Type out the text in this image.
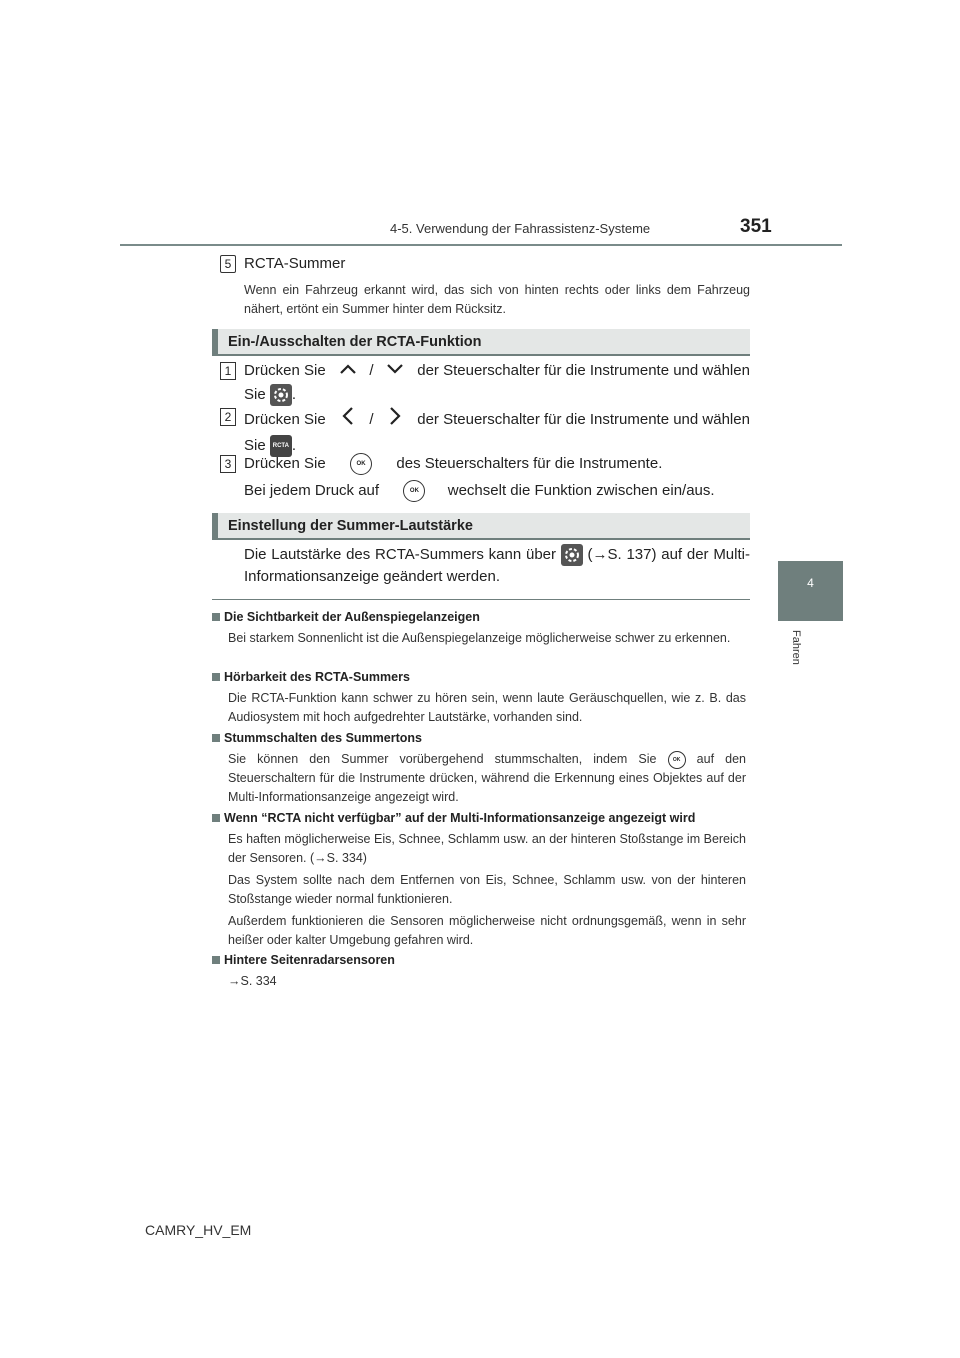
4-5. Verwendung der Fahrassistenz-Systeme	351
4
Fahren
5 RCTA-Summer
Wenn ein Fahrzeug erkannt wird, das sich von hinten rechts oder links dem Fahrzeug nähert, ertönt ein Summer hinter dem Rücksitz.
Ein-/Ausschalten der RCTA-Funktion
1 Drücken Sie	/	der Steuerschalter für die Instrumente und wählen
Sie .
2 Drücken Sie	/	der Steuerschalter für die Instrumente und wählen
Sie RCTA .
3 Drücken Sie	OK des Steuerschalters für die Instrumente.
Bei jedem Druck auf	OK wechselt die Funktion zwischen ein/aus.
Einstellung der Summer-Lautstärke
Die Lautstärke des RCTA-Summers kann über (→S. 137) auf der Multi-Informationsanzeige geändert werden.
Die Sichtbarkeit der Außenspiegelanzeigen
Bei starkem Sonnenlicht ist die Außenspiegelanzeige möglicherweise schwer zu erkennen.
Hörbarkeit des RCTA-Summers
Die RCTA-Funktion kann schwer zu hören sein, wenn laute Geräuschquellen, wie z. B. das Audiosystem mit hoch aufgedrehter Lautstärke, vorhanden sind.
Stummschalten des Summertons
Sie können den Summer vorübergehend stummschalten, indem Sie	OK auf den Steuerschaltern für die Instrumente drücken, während die Erkennung eines Objektes auf der Multi-Informationsanzeige angezeigt wird.
Wenn “RCTA nicht verfügbar” auf der Multi-Informationsanzeige angezeigt wird
Es haften möglicherweise Eis, Schnee, Schlamm usw. an der hinteren Stoßstange im Bereich der Sensoren. (→S. 334)
Das System sollte nach dem Entfernen von Eis, Schnee, Schlamm usw. von der hinteren Stoßstange wieder normal funktionieren.
Außerdem funktionieren die Sensoren möglicherweise nicht ordnungsgemäß, wenn in sehr heißer oder kalter Umgebung gefahren wird.
Hintere Seitenradarsensoren
→S. 334
CAMRY_HV_EM
